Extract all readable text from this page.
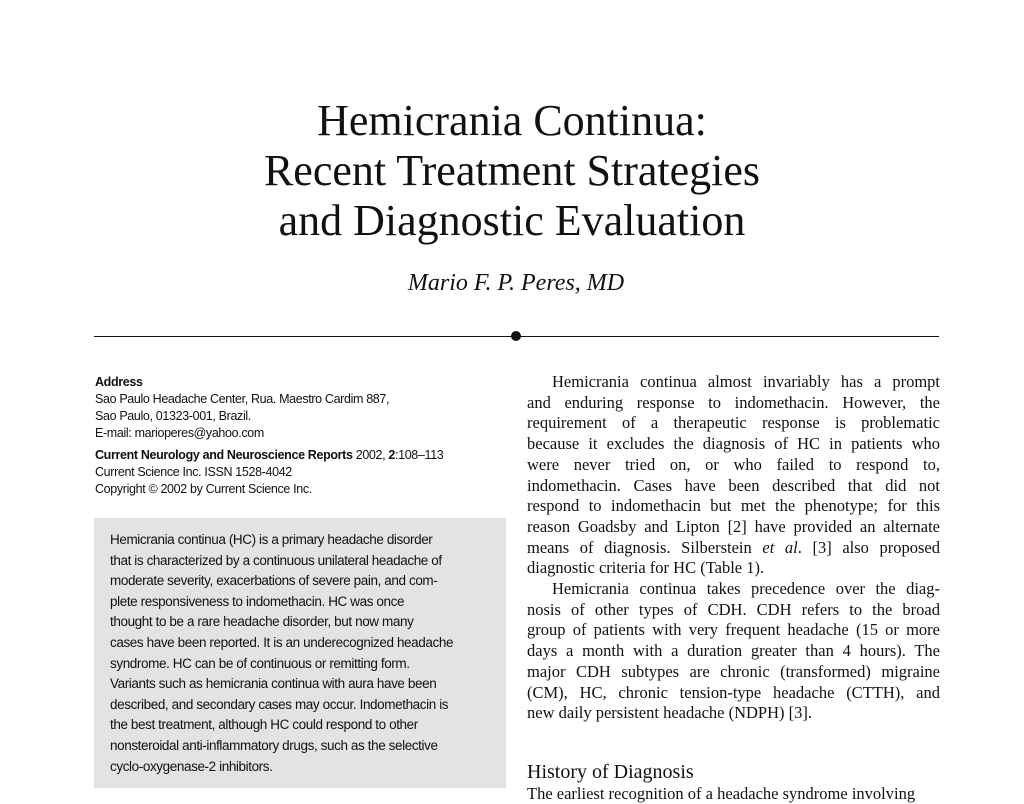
Hemicrania Continua:
Recent Treatment Strategies
and Diagnostic Evaluation
Mario F. P. Peres, MD
Address
Sao Paulo Headache Center, Rua. Maestro Cardim 887,
Sao Paulo, 01323-001, Brazil.
E-mail: marioperes@yahoo.com
Current Neurology and Neuroscience Reports 2002, 2:108–113
Current Science Inc. ISSN 1528-4042
Copyright © 2002 by Current Science Inc.
Hemicrania continua (HC) is a primary headache disorder
that is characterized by a continuous unilateral headache of
moderate severity, exacerbations of severe pain, and com-
plete responsiveness to indomethacin. HC was once
thought to be a rare headache disorder, but now many
cases have been reported. It is an underecognized headache
syndrome. HC can be of continuous or remitting form.
Variants such as hemicrania continua with aura have been
described, and secondary cases may occur. Indomethacin is
the best treatment, although HC could respond to other
nonsteroidal anti-inflammatory drugs, such as the selective
cyclo-oxygenase-2 inhibitors.
Hemicrania continua almost invariably has a prompt
and enduring response to indomethacin. However, the
requirement of a therapeutic response is problematic
because it excludes the diagnosis of HC in patients who
were never tried on, or who failed to respond to,
indomethacin. Cases have been described that did not
respond to indomethacin but met the phenotype; for this
reason Goadsby and Lipton [2] have provided an alternate
means of diagnosis. Silberstein et al. [3] also proposed
diagnostic criteria for HC (Table 1).
Hemicrania continua takes precedence over the diag-
nosis of other types of CDH. CDH refers to the broad
group of patients with very frequent headache (15 or more
days a month with a duration greater than 4 hours). The
major CDH subtypes are chronic (transformed) migraine
(CM), HC, chronic tension-type headache (CTTH), and
new daily persistent headache (NDPH) [3].
History of Diagnosis
The earliest recognition of a headache syndrome involving
